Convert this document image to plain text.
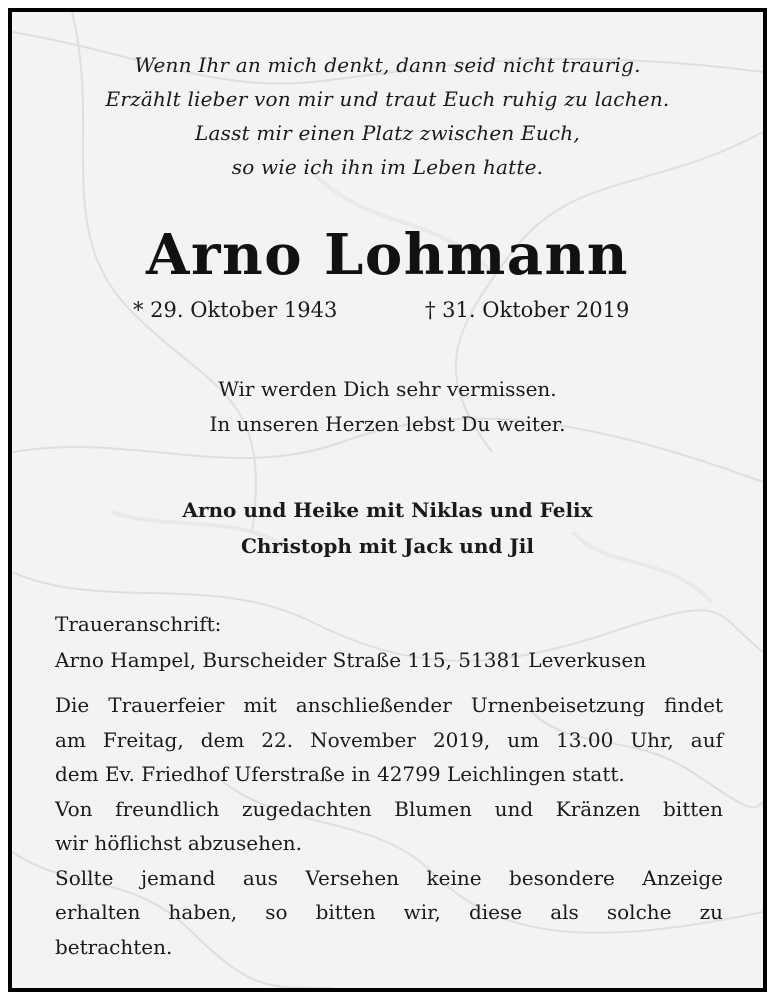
Wenn Ihr an mich denkt, dann seid nicht traurig.
Erzählt lieber von mir und traut Euch ruhig zu lachen.
Lasst mir einen Platz zwischen Euch,
so wie ich ihn im Leben hatte.
Arno Lohmann
* 29. Oktober 1943	† 31. Oktober 2019
Wir werden Dich sehr vermissen.
In unseren Herzen lebst Du weiter.
Arno und Heike mit Niklas und Felix
Christoph mit Jack und Jil
Traueranschrift:
Arno Hampel, Burscheider Straße 115, 51381 Leverkusen
Die Trauerfeier mit anschließender Urnenbeisetzung findet
am Freitag, dem 22. November 2019, um 13.00 Uhr, auf
dem Ev. Friedhof Uferstraße in 42799 Leichlingen statt.
Von freundlich zugedachten Blumen und Kränzen bitten
wir höflichst abzusehen.
Sollte jemand aus Versehen keine besondere Anzeige
erhalten haben, so bitten wir, diese als solche zu
betrachten.
